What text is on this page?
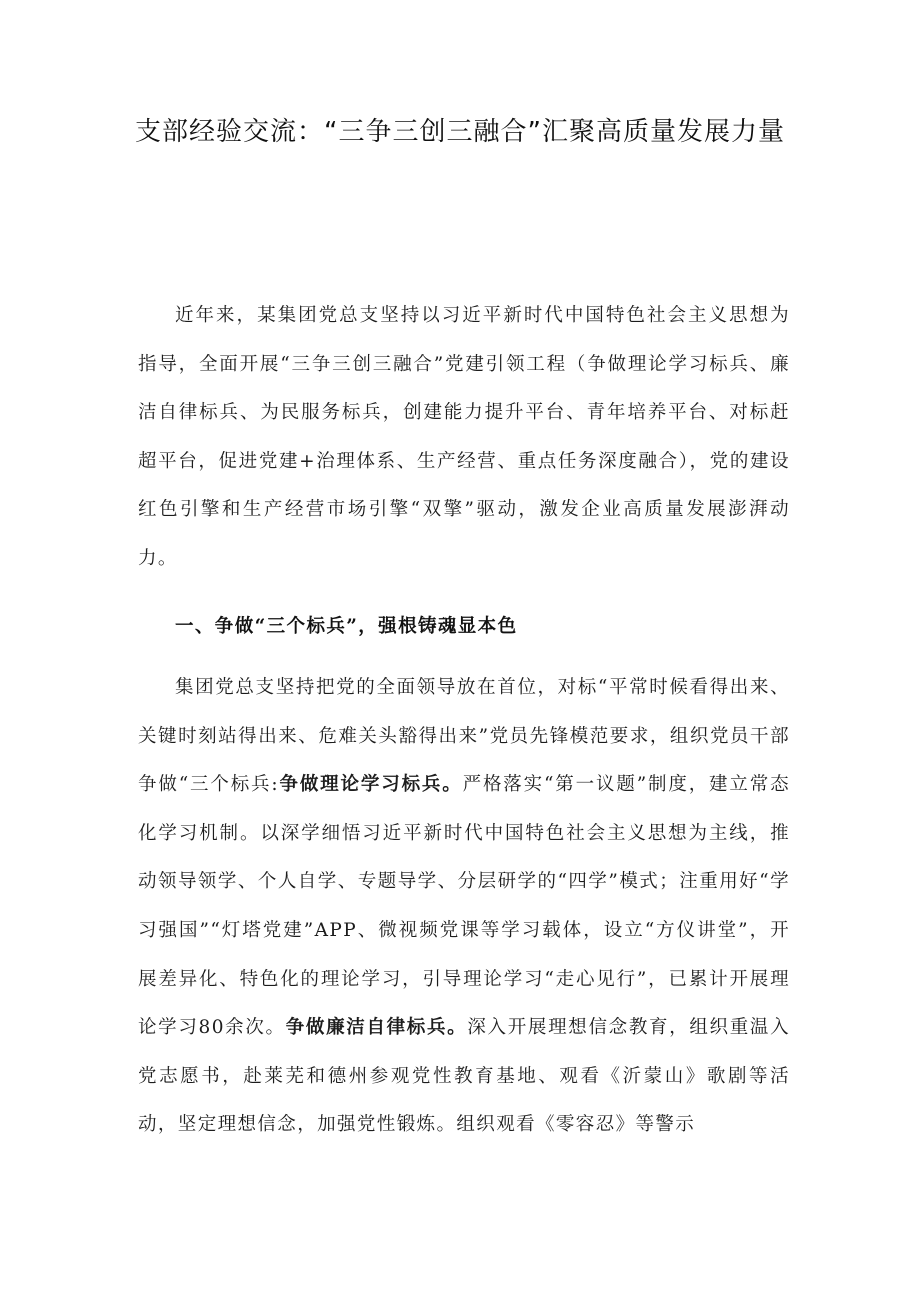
支部经验交流：“三争三创三融合”汇聚高质量发展力量

近年来，某集团党总支坚持以习近平新时代中国特色社会主义思想为指导，全面开展“三争三创三融合”党建引领工程（争做理论学习标兵、廉洁自律标兵、为民服务标兵，创建能力提升平台、青年培养平台、对标赶超平台，促进党建+治理体系、生产经营、重点任务深度融合），党的建设红色引擎和生产经营市场引擎“双擎”驱动，激发企业高质量发展澎湃动力。

一、争做“三个标兵”，强根铸魂显本色

集团党总支坚持把党的全面领导放在首位，对标“平常时候看得出来、关键时刻站得出来、危难关头豁得出来”党员先锋模范要求，组织党员干部争做“三个标兵:争做理论学习标兵。严格落实“第一议题”制度，建立常态化学习机制。以深学细悟习近平新时代中国特色社会主义思想为主线，推动领导领学、个人自学、专题导学、分层研学的“四学”模式；注重用好“学习强国”“灯塔党建”APP、微视频党课等学习载体，设立“方仪讲堂”，开展差异化、特色化的理论学习，引导理论学习“走心见行”，已累计开展理论学习80余次。争做廉洁自律标兵。深入开展理想信念教育，组织重温入党志愿书，赴莱芜和德州参观党性教育基地、观看《沂蒙山》歌剧等活动，坚定理想信念，加强党性锻炼。组织观看《零容忍》等警示
